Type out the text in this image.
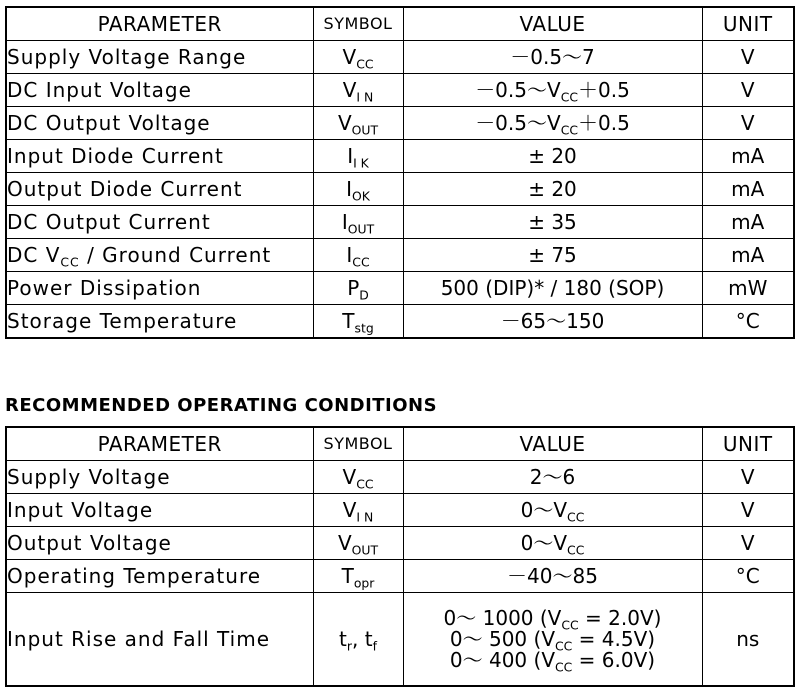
PARAMETER	SYMBOL	VALUE	UNIT
Supply Voltage Range	$V_{CC}$	－0.5～7	V
DC Input Voltage	$V_{I N}$	$-0.5\sim V_{CC}+0.5$	V
DC Output Voltage	$V_{OUT}$	$-0.5\sim V_{CC}+0.5$	V
Input Diode Current	$I_{I K}$	± 20	mA
Output Diode Current	$I_{OK}$	± 20	mA
DC Output Current	$I_{OUT}$	± 35	mA
DC $V_{CC}$ / Ground Current	$I_{CC}$	± 75	mA
Power Dissipation	$P_D$	500 (DIP)* / 180 (SOP)	mW
Storage Temperature	$T_{stg}$	－65～150	°C
RECOMMENDED OPERATING CONDITIONS
PARAMETER	SYMBOL	VALUE	UNIT
Supply Voltage	$V_{CC}$	2～6	V
Input Voltage	$V_{I N}$	$0\sim V_{CC}$	V
Output Voltage	$V_{OUT}$	$0\sim V_{CC}$	V
Operating Temperature	$T_{opr}$	－40～85	°C
Input Rise and Fall Time	$t_r$, $t_f$	0～ 1000 $(V_{CC} = 2.0V)$
0～ 500 $(V_{CC} = 4.5V)$
0～ 400 $(V_{CC} = 6.0V)$	ns
